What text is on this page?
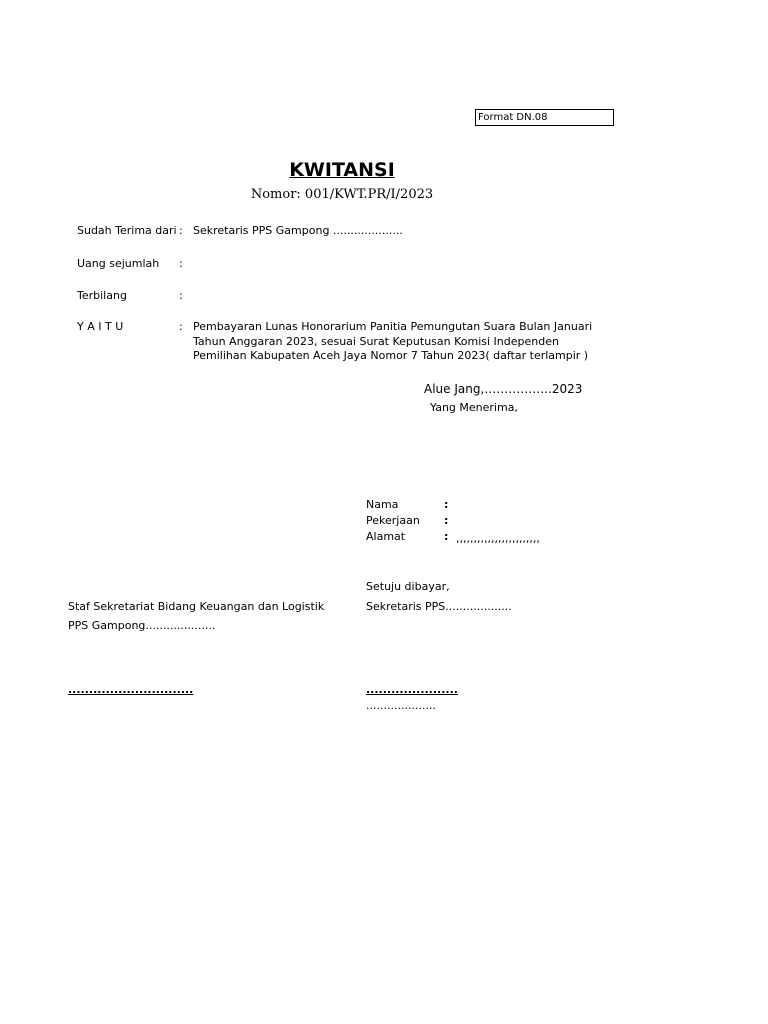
Format DN.08
KWITANSI
Nomor: 001/KWT.PR/I/2023
Sudah Terima dari : Sekretaris PPS Gampong ....................
Uang sejumlah :
Terbilang	:
Y A I T U	: Pembayaran Lunas Honorarium Panitia Pemungutan Suara Bulan Januari Tahun Anggaran 2023, sesuai Surat Keputusan Komisi Independen Pemilihan Kabupaten Aceh Jaya Nomor 7 Tahun 2023( daftar terlampir )
Alue Jang,……………..2023
Yang Menerima,
Nama	:
Pekerjaan :
Alamat	: ,,,,,,,,,,,,,,,,,,,,,,,,
Setuju dibayar,
Staf Sekretariat Bidang Keuangan dan Logistik	Sekretaris PPS...................
PPS Gampong....................
..............................	......................
....................
